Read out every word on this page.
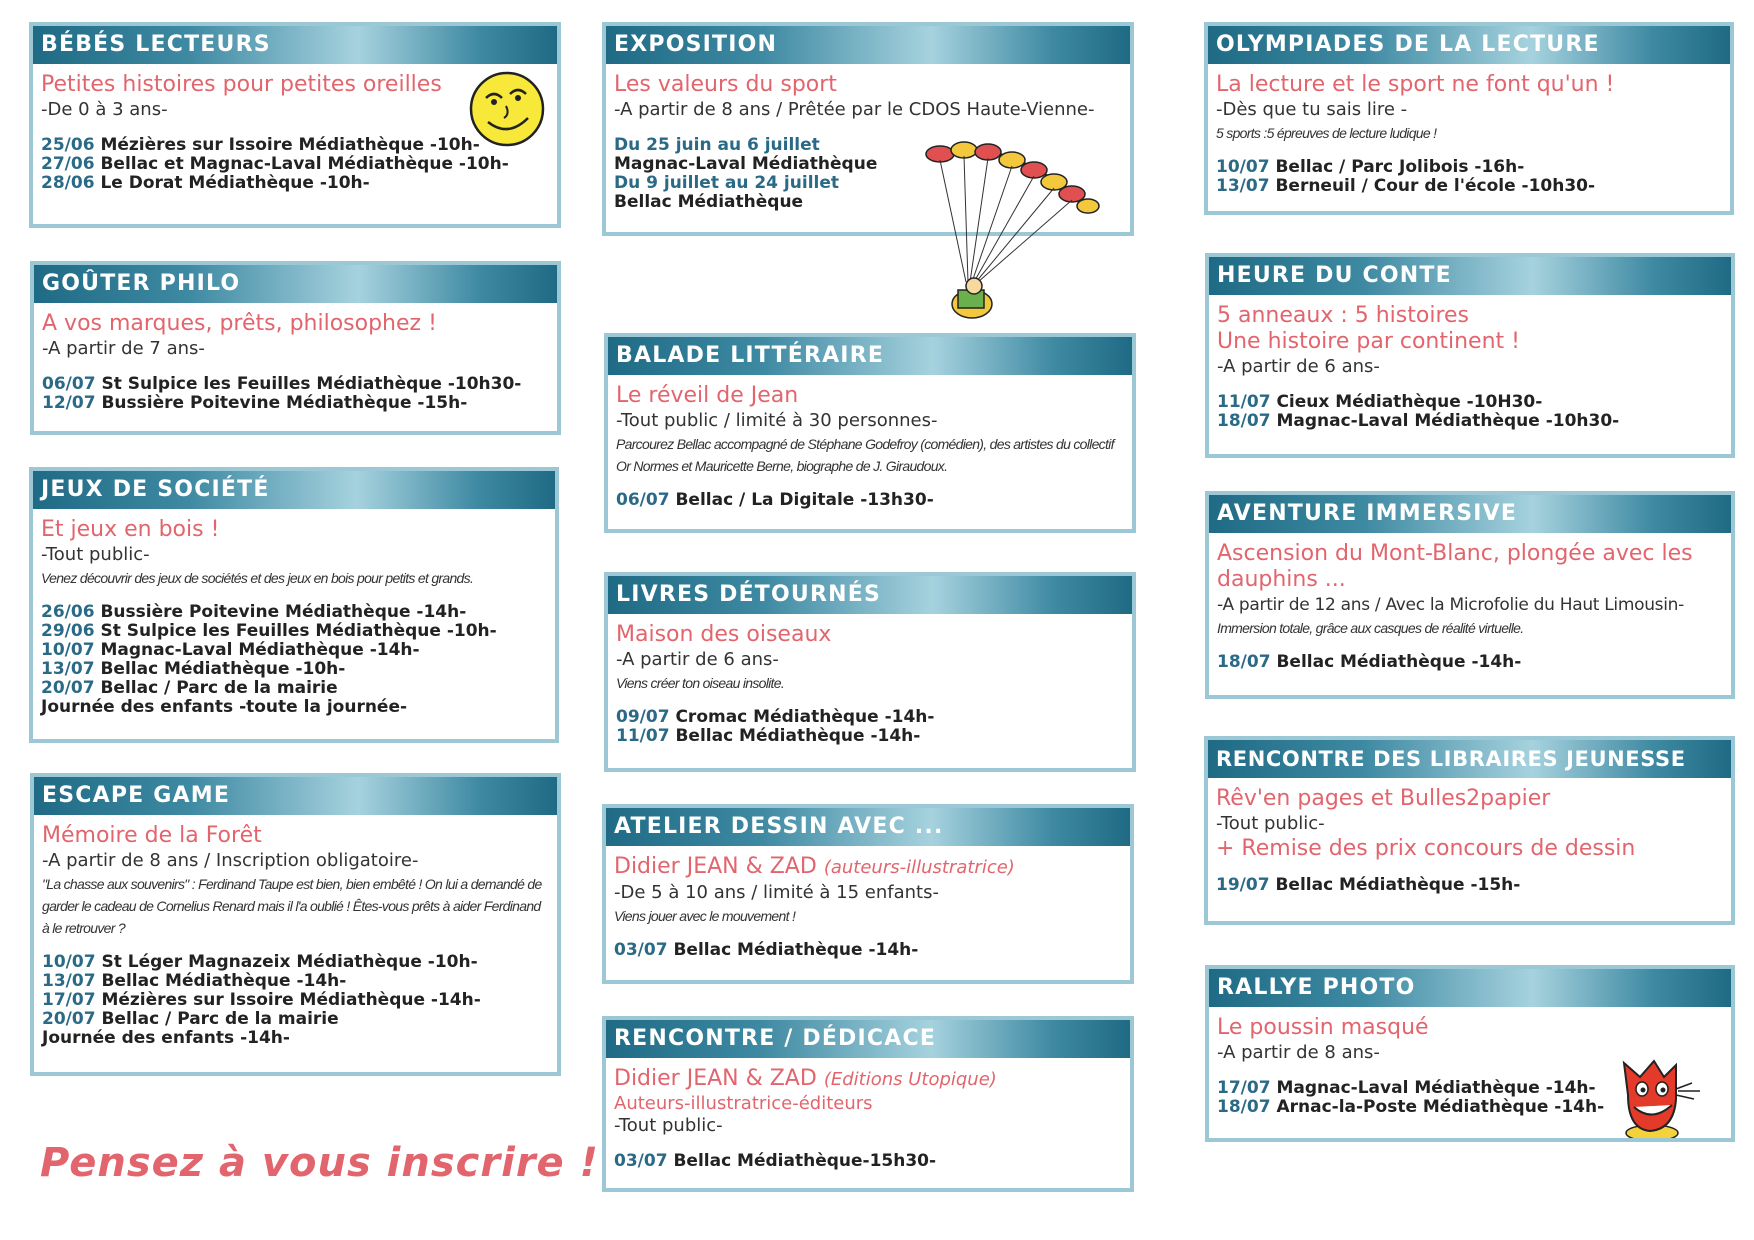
BÉBÉS LECTEURS
Petites histoires pour petites oreilles
-De 0 à 3 ans-
25/06 Mézières sur Issoire Médiathèque -10h-
27/06 Bellac et Magnac-Laval Médiathèque -10h-
28/06 Le Dorat Médiathèque -10h-
GOÛTER PHILO
A vos marques, prêts, philosophez !
-A partir de 7 ans-
06/07 St Sulpice les Feuilles Médiathèque -10h30-
12/07 Bussière Poitevine Médiathèque -15h-
JEUX DE SOCIÉTÉ
Et jeux en bois !
-Tout public-
Venez découvrir des jeux de sociétés et des jeux en bois pour petits et grands.
26/06 Bussière Poitevine Médiathèque -14h-
29/06 St Sulpice les Feuilles Médiathèque -10h-
10/07 Magnac-Laval Médiathèque -14h-
13/07 Bellac Médiathèque -10h-
20/07 Bellac / Parc de la mairie
Journée des enfants -toute la journée-
ESCAPE GAME
Mémoire de la Forêt
-A partir de 8 ans / Inscription obligatoire-
"La chasse aux souvenirs" : Ferdinand Taupe est bien, bien embêté ! On lui a demandé de garder le cadeau de Cornelius Renard mais il l'a oublié ! Êtes-vous prêts à aider Ferdinand à le retrouver ?
10/07 St Léger Magnazeix Médiathèque -10h-
13/07 Bellac Médiathèque -14h-
17/07 Mézières sur Issoire Médiathèque -14h-
20/07 Bellac / Parc de la mairie
Journée des enfants -14h-
Pensez à vous inscrire !
EXPOSITION
Les valeurs du sport
-A partir de 8 ans / Prêtée par le CDOS Haute-Vienne-
Du 25 juin au 6 juillet
Magnac-Laval Médiathèque
Du 9 juillet au 24 juillet
Bellac Médiathèque
BALADE LITTÉRAIRE
Le réveil de Jean
-Tout public / limité à 30 personnes-
Parcourez Bellac accompagné de Stéphane Godefroy (comédien), des artistes du collectif Or Normes et Mauricette Berne, biographe de J. Giraudoux.
06/07 Bellac / La Digitale -13h30-
LIVRES DÉTOURNÉS
Maison des oiseaux
-A partir de 6 ans-
Viens créer ton oiseau insolite.
09/07 Cromac Médiathèque -14h-
11/07 Bellac Médiathèque -14h-
ATELIER DESSIN AVEC ...
Didier JEAN & ZAD (auteurs-illustratrice)
-De 5 à 10 ans / limité à 15 enfants-
Viens jouer avec le mouvement !
03/07 Bellac Médiathèque -14h-
RENCONTRE / DÉDICACE
Didier JEAN & ZAD (Editions Utopique)
Auteurs-illustratrice-éditeurs
-Tout public-
03/07 Bellac Médiathèque-15h30-
OLYMPIADES DE LA LECTURE
La lecture et le sport ne font qu'un !
-Dès que tu sais lire -
5 sports :5 épreuves de lecture ludique !
10/07 Bellac / Parc Jolibois -16h-
13/07 Berneuil / Cour de l'école -10h30-
HEURE DU CONTE
5 anneaux : 5 histoires
Une histoire par continent !
-A partir de 6 ans-
11/07 Cieux Médiathèque -10H30-
18/07 Magnac-Laval Médiathèque -10h30-
AVENTURE IMMERSIVE
Ascension du Mont-Blanc, plongée avec les dauphins ...
-A partir de 12 ans / Avec la Microfolie du Haut Limousin-
Immersion totale, grâce aux casques de réalité virtuelle.
18/07 Bellac Médiathèque -14h-
RENCONTRE DES LIBRAIRES JEUNESSE
Rêv'en pages et Bulles2papier
-Tout public-
+ Remise des prix concours de dessin
19/07 Bellac Médiathèque -15h-
RALLYE PHOTO
Le poussin masqué
-A partir de 8 ans-
17/07 Magnac-Laval Médiathèque -14h-
18/07 Arnac-la-Poste Médiathèque -14h-
